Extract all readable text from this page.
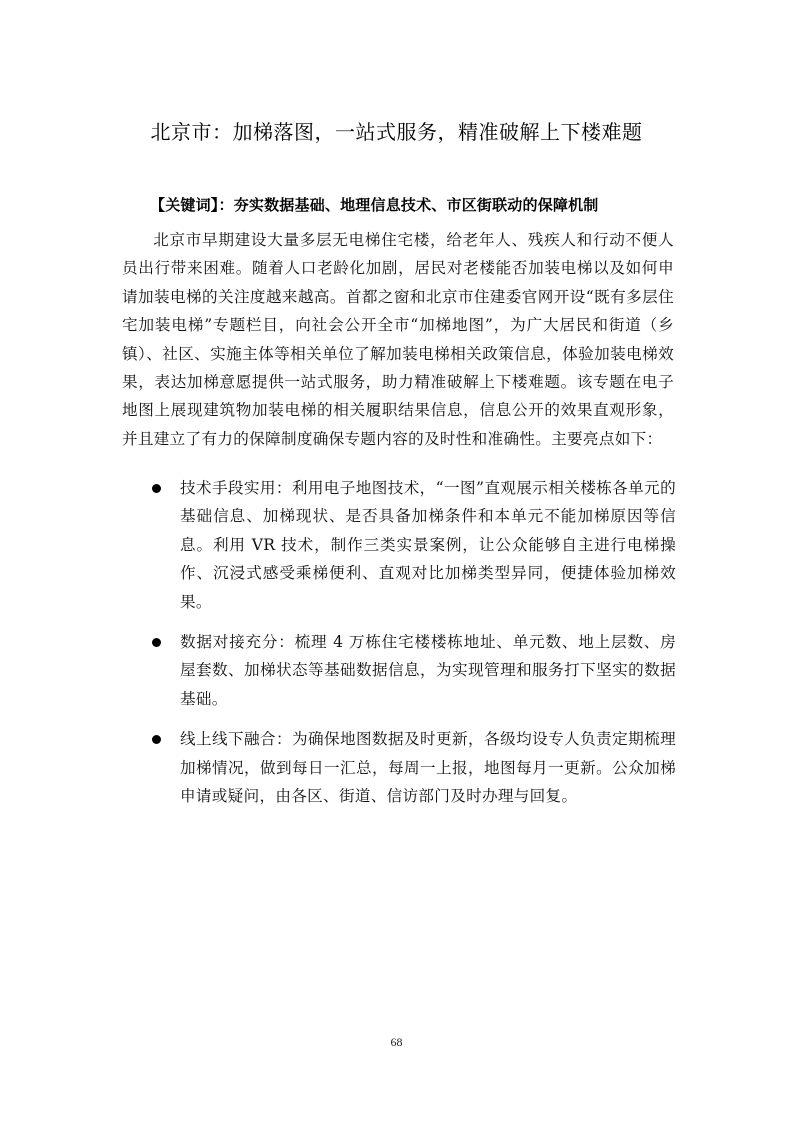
北京市：加梯落图，一站式服务，精准破解上下楼难题
【关键词】：夯实数据基础、地理信息技术、市区街联动的保障机制
北京市早期建设大量多层无电梯住宅楼，给老年人、残疾人和行动不便人员出行带来困难。随着人口老龄化加剧，居民对老楼能否加装电梯以及如何申请加装电梯的关注度越来越高。首都之窗和北京市住建委官网开设“既有多层住宅加装电梯”专题栏目，向社会公开全市“加梯地图”，为广大居民和街道（乡镇）、社区、实施主体等相关单位了解加装电梯相关政策信息，体验加装电梯效果，表达加梯意愿提供一站式服务，助力精准破解上下楼难题。该专题在电子地图上展现建筑物加装电梯的相关履职结果信息，信息公开的效果直观形象，并且建立了有力的保障制度确保专题内容的及时性和准确性。主要亮点如下：
技术手段实用：利用电子地图技术，“一图”直观展示相关楼栋各单元的基础信息、加梯现状、是否具备加梯条件和本单元不能加梯原因等信息。利用 VR 技术，制作三类实景案例，让公众能够自主进行电梯操作、沉浸式感受乘梯便利、直观对比加梯类型异同，便捷体验加梯效果。
数据对接充分：梳理 4 万栋住宅楼楼栋地址、单元数、地上层数、房屋套数、加梯状态等基础数据信息，为实现管理和服务打下坚实的数据基础。
线上线下融合：为确保地图数据及时更新，各级均设专人负责定期梳理加梯情况，做到每日一汇总，每周一上报，地图每月一更新。公众加梯申请或疑问，由各区、街道、信访部门及时办理与回复。
68
